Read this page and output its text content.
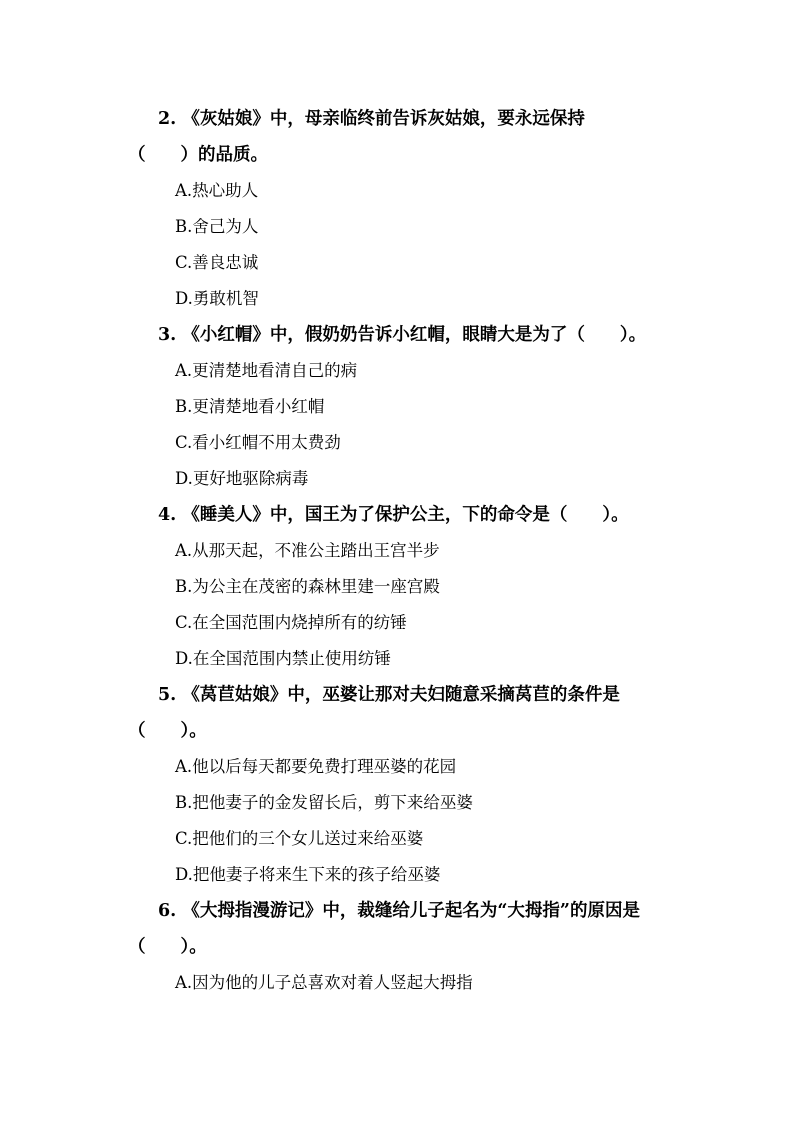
2. 《灰姑娘》中，母亲临终前告诉灰姑娘，要永远保持
（　　）的品质。
A.热心助人
B.舍己为人
C.善良忠诚
D.勇敢机智
3. 《小红帽》中，假奶奶告诉小红帽，眼睛大是为了（　　）。
A.更清楚地看清自己的病
B.更清楚地看小红帽
C.看小红帽不用太费劲
D.更好地驱除病毒
4. 《睡美人》中，国王为了保护公主，下的命令是（　　）。
A.从那天起，不准公主踏出王宫半步
B.为公主在茂密的森林里建一座宫殿
C.在全国范围内烧掉所有的纺锤
D.在全国范围内禁止使用纺锤
5. 《莴苣姑娘》中，巫婆让那对夫妇随意采摘莴苣的条件是
（　　）。
A.他以后每天都要免费打理巫婆的花园
B.把他妻子的金发留长后，剪下来给巫婆
C.把他们的三个女儿送过来给巫婆
D.把他妻子将来生下来的孩子给巫婆
6. 《大拇指漫游记》中，裁缝给儿子起名为“大拇指”的原因是
（　　）。
A.因为他的儿子总喜欢对着人竖起大拇指
